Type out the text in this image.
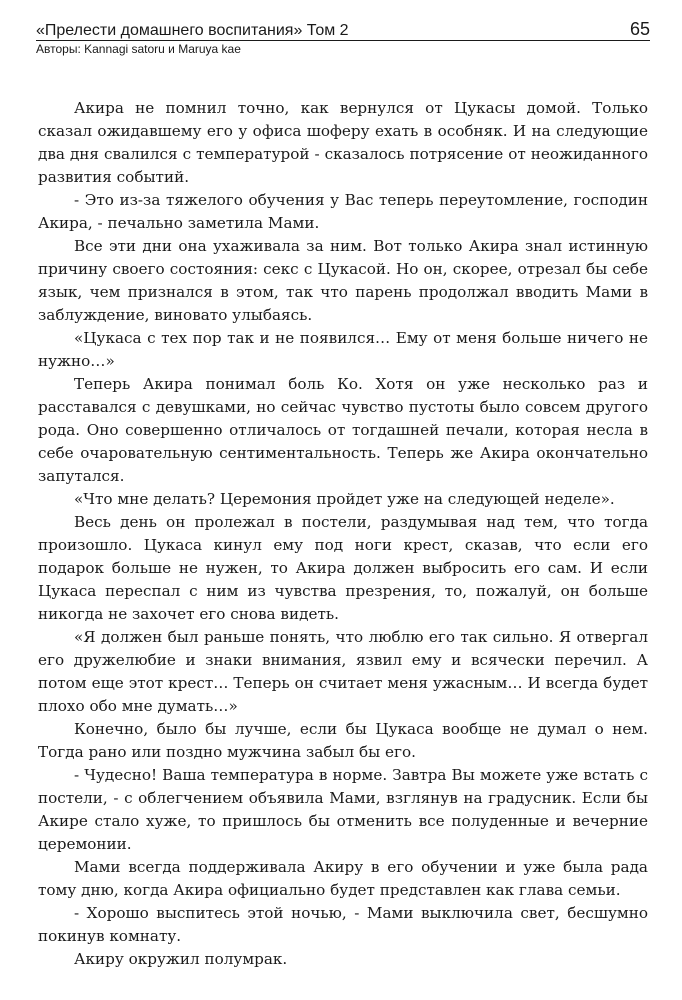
«Прелести домашнего воспитания» Том 2	65
Авторы: Kannagi satoru и Maruya kae

Акира не помнил точно, как вернулся от Цукасы домой. Только сказал ожидавшему его у офиса шоферу ехать в особняк. И на следующие два дня свалился с температурой - сказалось потрясение от неожиданного развития событий.

- Это из-за тяжелого обучения у Вас теперь переутомление, господин Акира, - печально заметила Мами.

Все эти дни она ухаживала за ним. Вот только Акира знал истинную причину своего состояния: секс с Цукасой. Но он, скорее, отрезал бы себе язык, чем признался в этом, так что парень продолжал вводить Мами в заблуждение, виновато улыбаясь.

«Цукаса с тех пор так и не появился… Ему от меня больше ничего не нужно…»

Теперь Акира понимал боль Ко. Хотя он уже несколько раз и расставался с девушками, но сейчас чувство пустоты было совсем другого рода. Оно совершенно отличалось от тогдашней печали, которая несла в себе очаровательную сентиментальность. Теперь же Акира окончательно запутался.

«Что мне делать? Церемония пройдет уже на следующей неделе».

Весь день он пролежал в постели, раздумывая над тем, что тогда произошло. Цукаса кинул ему под ноги крест, сказав, что если его подарок больше не нужен, то Акира должен выбросить его сам. И если Цукаса переспал с ним из чувства презрения, то, пожалуй, он больше никогда не захочет его снова видеть.

«Я должен был раньше понять, что люблю его так сильно. Я отвергал его дружелюбие и знаки внимания, язвил ему и всячески перечил. А потом еще этот крест… Теперь он считает меня ужасным… И всегда будет плохо обо мне думать…»

Конечно, было бы лучше, если бы Цукаса вообще не думал о нем. Тогда рано или поздно мужчина забыл бы его.

- Чудесно! Ваша температура в норме. Завтра Вы можете уже встать с постели, - с облегчением объявила Мами, взглянув на градусник. Если бы Акире стало хуже, то пришлось бы отменить все полуденные и вечерние церемонии.

Мами всегда поддерживала Акиру в его обучении и уже была рада тому дню, когда Акира официально будет представлен как глава семьи.

- Хорошо выспитесь этой ночью, - Мами выключила свет, бесшумно покинув комнату.

Акиру окружил полумрак.
